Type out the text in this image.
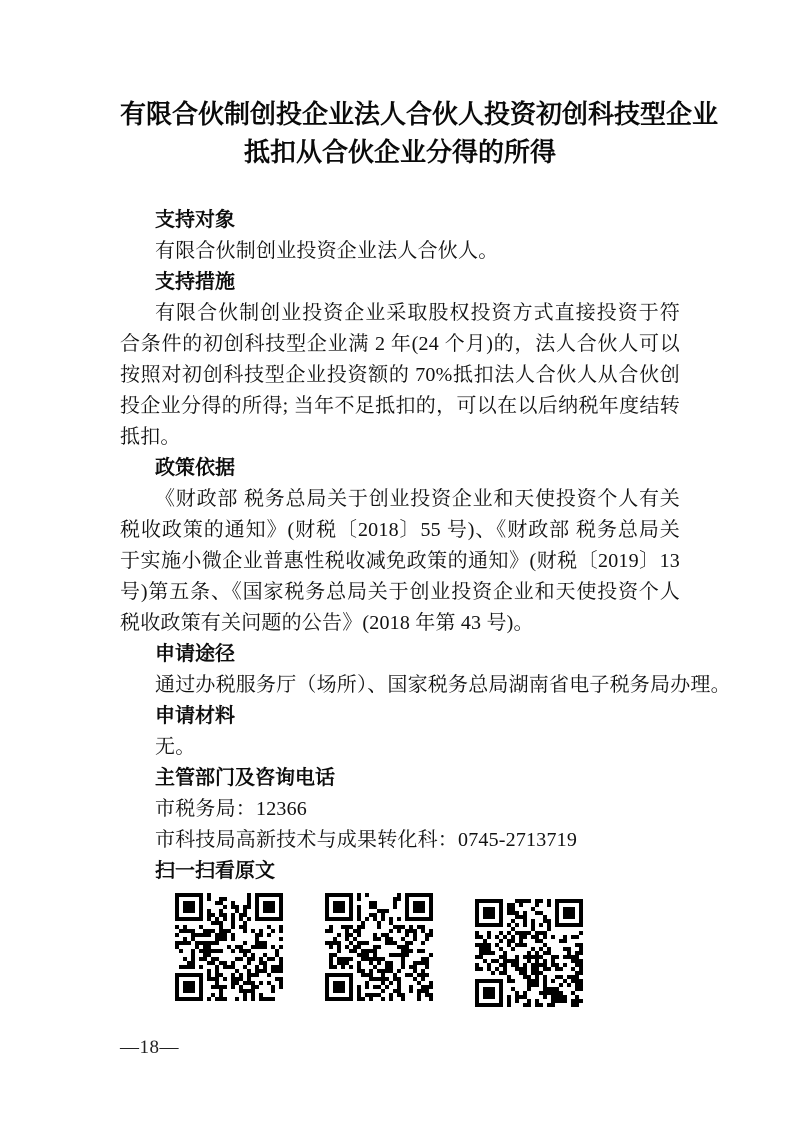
有限合伙制创投企业法人合伙人投资初创科技型企业
抵扣从合伙企业分得的所得
支持对象

有限合伙制创业投资企业法人合伙人。

支持措施

有限合伙制创业投资企业采取股权投资方式直接投资于符合条件的初创科技型企业满 2 年(24 个月)的，法人合伙人可以按照对初创科技型企业投资额的 70%抵扣法人合伙人从合伙创投企业分得的所得; 当年不足抵扣的，可以在以后纳税年度结转抵扣。

政策依据

《财政部 税务总局关于创业投资企业和天使投资个人有关税收政策的通知》(财税〔2018〕55 号)、《财政部 税务总局关于实施小微企业普惠性税收减免政策的通知》(财税〔2019〕13 号)第五条、《国家税务总局关于创业投资企业和天使投资个人税收政策有关问题的公告》(2018 年第 43 号)。

申请途径

通过办税服务厅（场所）、国家税务总局湖南省电子税务局办理。

申请材料

无。

主管部门及咨询电话

市税务局：12366

市科技局高新技术与成果转化科：0745-2713719

扫一扫看原文
—18—
